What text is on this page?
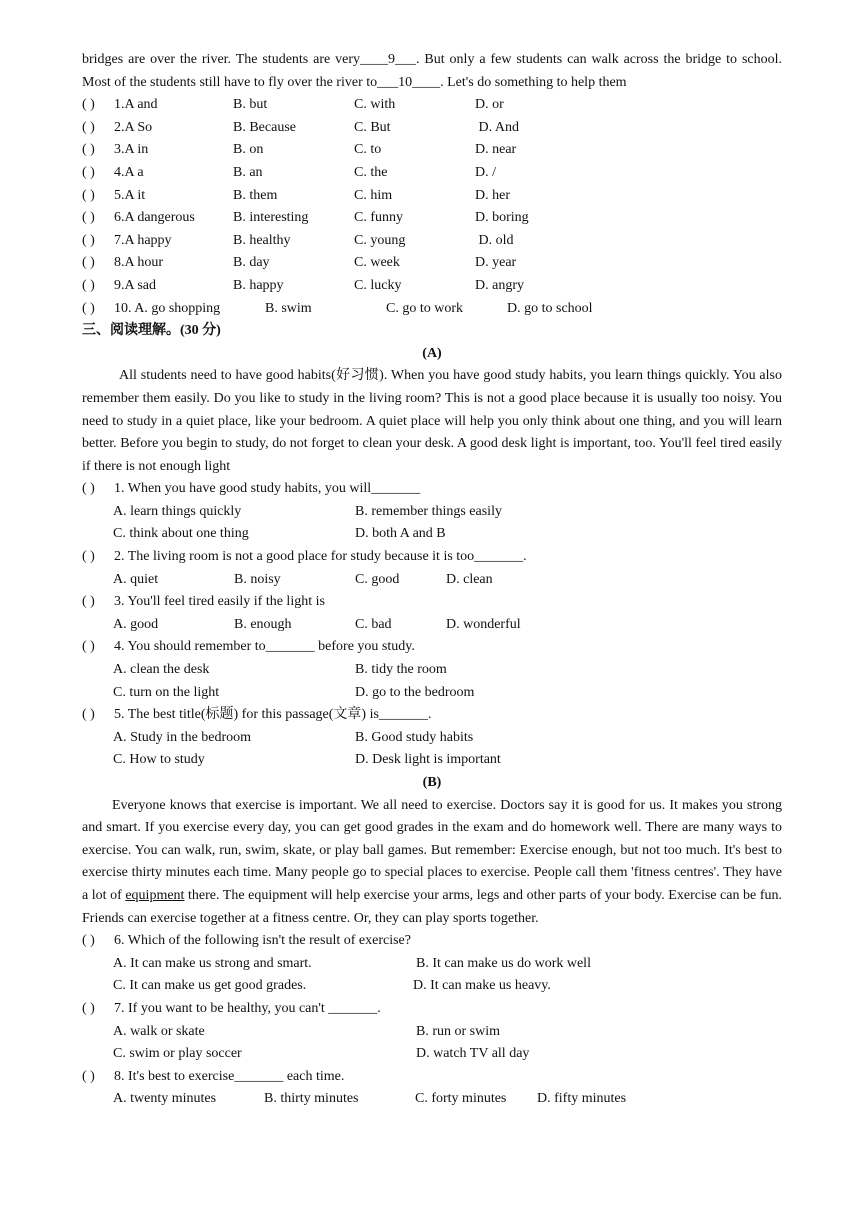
bridges are over the river. The students are very____9___. But only a few students can walk across the bridge to school. Most of the students still have to fly over the river to___10____. Let's do something to help them

( )	1.A and	B. but	C. with	D. or
( )	2.A So	B. Because	C. But	D. And
( )	3.A in	B. on	C. to	D. near
( )	4.A a	B. an	C. the	D. /
( )	5.A it	B. them	C. him	D. her
( )	6.A dangerous	B. interesting	C. funny	D. boring
( )	7.A happy	B. healthy	C. young	D. old
( )	8.A hour	B. day	C. week	D. year
( )	9.A sad	B. happy	C. lucky	D. angry
( )	10. A. go shopping	B. swim	C. go to work	D. go to school
三、阅读理解。(30 分)
(A)

All students need to have good habits(好习惯). When you have good study habits, you learn things quickly. You also remember them easily. Do you like to study in the living room? This is not a good place because it is usually too noisy. You need to study in a quiet place, like your bedroom. A quiet place will help you only think about one thing, and you will learn better. Before you begin to study, do not forget to clean your desk. A good desk light is important, too. You'll feel tired easily if there is not enough light

( )	1. When you have good study habits, you will_______
A. learn things quickly	B. remember things easily
C. think about one thing	D. both A and B
( )	2. The living room is not a good place for study because it is too_______.
A. quiet	B. noisy	C. good	D. clean
( )	3. You'll feel tired easily if the light is
A. good	B. enough	C. bad	D. wonderful
( )	4. You should remember to_______ before you study.
A. clean the desk	B. tidy the room
C. turn on the light	D. go to the bedroom
( )	5. The best title(标题) for this passage(文章) is_______.
A. Study in the bedroom	B. Good study habits
C. How to study	D. Desk light is important
(B)

Everyone knows that exercise is important. We all need to exercise. Doctors say it is good for us. It makes you strong and smart. If you exercise every day, you can get good grades in the exam and do homework well. There are many ways to exercise. You can walk, run, swim, skate, or play ball games. But remember: Exercise enough, but not too much. It's best to exercise thirty minutes each time. Many people go to special places to exercise. People call them 'fitness centres'. They have a lot of equipment there. The equipment will help exercise your arms, legs and other parts of your body. Exercise can be fun. Friends can exercise together at a fitness centre. Or, they can play sports together.

( )	6. Which of the following isn't the result of exercise?
A. It can make us strong and smart.	B. It can make us do work well
C. It can make us get good grades.	D. It can make us heavy.
( )	7. If you want to be healthy, you can't _______.
A. walk or skate	B. run or swim
C. swim or play soccer	D. watch TV all day
( )	8. It's best to exercise_______ each time.
A. twenty minutes	B. thirty minutes	C. forty minutes	D. fifty minutes
